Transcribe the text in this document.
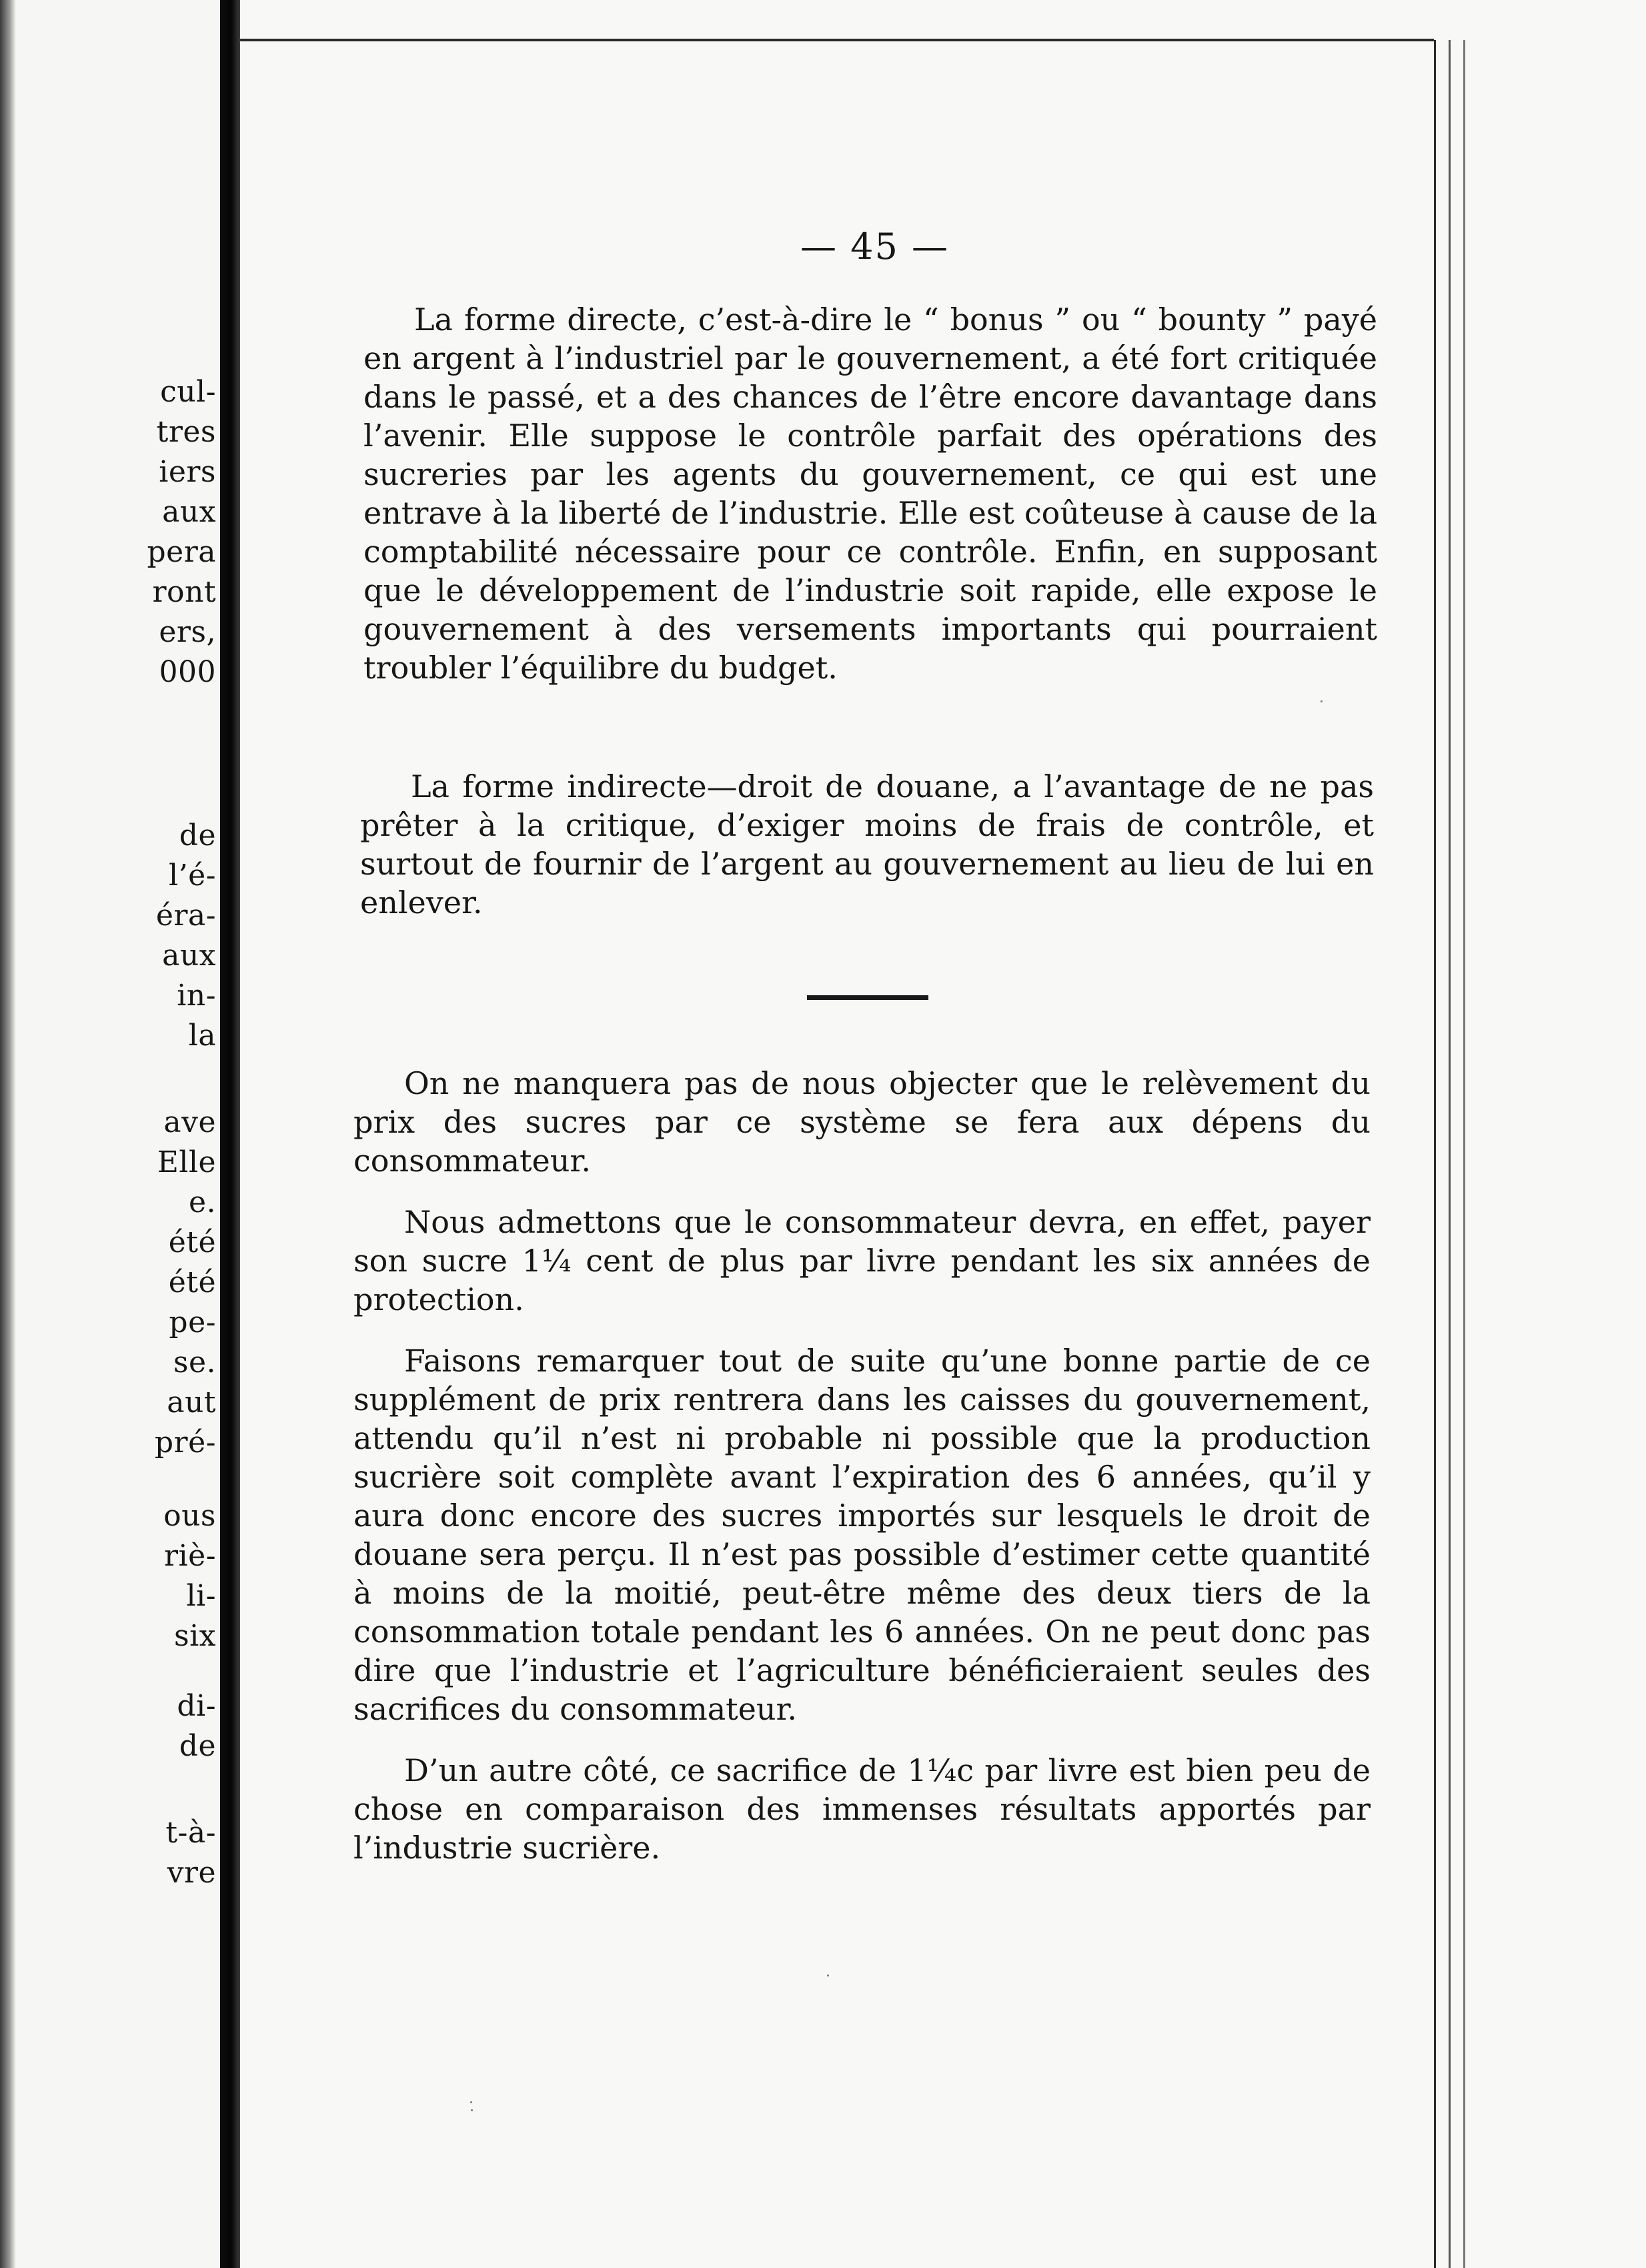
cul-
tres
iers
aux
pera
ront
ers,
000
de
l’é-
éra-
aux
in-
la
ave
Elle
e.
été
été
pe-
se.
aut
pré-
ous
riè-
li-
six
di-
de
t-à-
vre
— 45 —

La forme directe, c’est-à-dire le “ bonus ” ou “ bounty ” payé en argent à l’industriel par le gouvernement, a été fort critiquée dans le passé, et a des chances de l’être encore davantage dans l’avenir. Elle suppose le contrôle parfait des opérations des sucreries par les agents du gouvernement, ce qui est une entrave à la liberté de l’industrie. Elle est coûteuse à cause de la comptabilité nécessaire pour ce contrôle. Enfin, en supposant que le développement de l’industrie soit rapide, elle expose le gouvernement à des versements importants qui pourraient troubler l’équilibre du budget.

La forme indirecte—droit de douane, a l’avantage de ne pas prêter à la critique, d’exiger moins de frais de contrôle, et surtout de fournir de l’argent au gouvernement au lieu de lui en enlever.

On ne manquera pas de nous objecter que le relèvement du prix des sucres par ce système se fera aux dépens du consommateur.

Nous admettons que le consommateur devra, en effet, payer son sucre 1¼ cent de plus par livre pendant les six années de protection.

Faisons remarquer tout de suite qu’une bonne partie de ce supplément de prix rentrera dans les caisses du gouvernement, attendu qu’il n’est ni probable ni possible que la production sucrière soit complète avant l’expiration des 6 années, qu’il y aura donc encore des sucres importés sur lesquels le droit de douane sera perçu. Il n’est pas possible d’estimer cette quantité à moins de la moitié, peut-être même des deux tiers de la consommation totale pendant les 6 années. On ne peut donc pas dire que l’industrie et l’agriculture bénéficieraient seules des sacrifices du consommateur.

D’un autre côté, ce sacrifice de 1¼c par livre est bien peu de chose en comparaison des immenses résultats apportés par l’industrie sucrière.
